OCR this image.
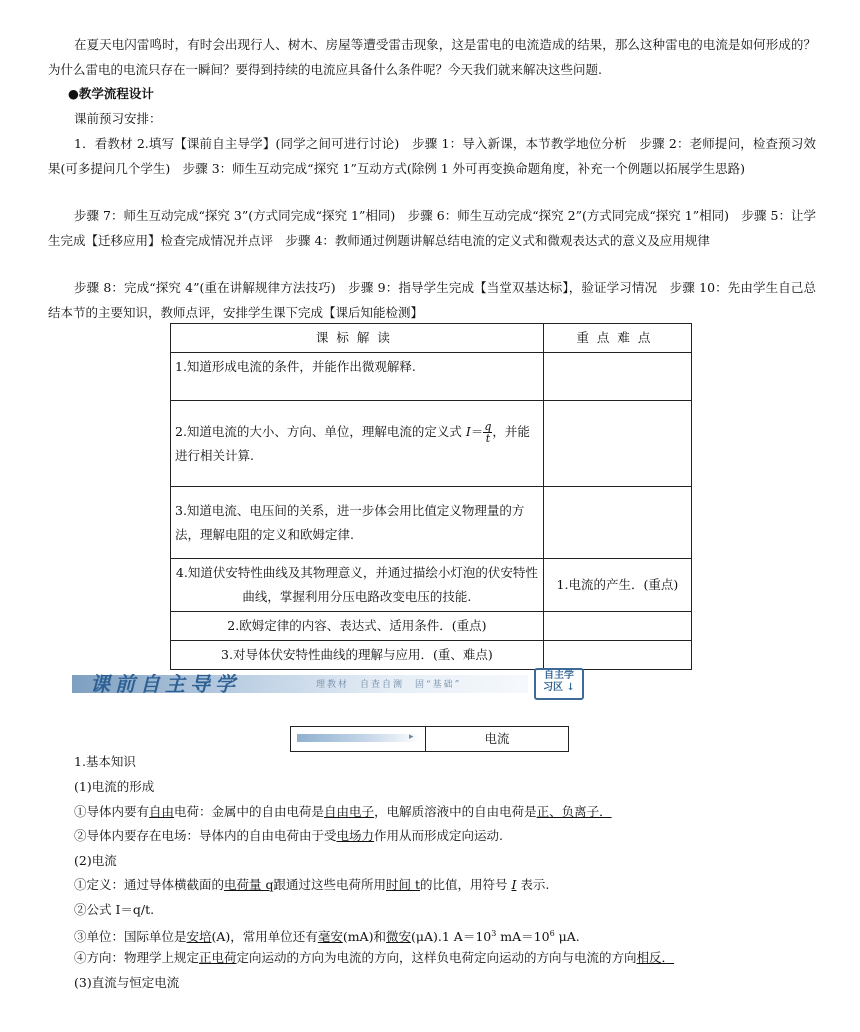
在夏天电闪雷鸣时，有时会出现行人、树木、房屋等遭受雷击现象，这是雷电的电流造成的结果，那么这种雷电的电流是如何形成的？为什么雷电的电流只存在一瞬间？要得到持续的电流应具备什么条件呢？今天我们就来解决这些问题.

●教学流程设计
课前预习安排：

1．看教材 2.填写【课前自主导学】(同学之间可进行讨论)　步骤 1：导入新课，本节教学地位分析　步骤 2：老师提问，检查预习效果(可多提问几个学生)　步骤 3：师生互动完成“探究 1”互动方式(除例 1 外可再变换命题角度，补充一个例题以拓展学生思路)

步骤 7：师生互动完成“探究 3”(方式同完成“探究 1”相同)　步骤 6：师生互动完成“探究 2”(方式同完成“探究 1”相同)　步骤 5：让学生完成【迁移应用】检查完成情况并点评　步骤 4：教师通过例题讲解总结电流的定义式和微观表达式的意义及应用规律

步骤 8：完成“探究 4”(重在讲解规律方法技巧)　步骤 9：指导学生完成【当堂双基达标】，验证学习情况　步骤 10：先由学生自己总结本节的主要知识，教师点评，安排学生课下完成【课后知能检测】

课标解读	重点难点
1.知道形成电流的条件，并能作出微观解释.	
2.知道电流的大小、方向、单位，理解电流的定义式 $I= \frac{q}{t}$ ，并能进行相关计算.	
3.知道电流、电压间的关系，进一步体会用比值定义物理量的方法，理解电阻的定义和欧姆定律.	
4.知道伏安特性曲线及其物理意义，并通过描绘小灯泡的伏安特性曲线，掌握利用分压电路改变电压的技能.	1.电流的产生．(重点)
2.欧姆定律的内容、表达式、适用条件．(重点)	
3.对导体伏安特性曲线的理解与应用．(重、难点)	
课前自主导学	理教材　自查自测　固“基础”
自主学
习区 ↓
▸	电流
1.基本知识
(1)电流的形成
①导体内要有自由电荷：金属中的自由电荷是自由电子，电解质溶液中的自由电荷是正、负离子．
②导体内要存在电场：导体内的自由电荷由于受电场力作用从而形成定向运动.
(2)电流
①定义：通过导体横截面的电荷量 q跟通过这些电荷所用时间 t的比值，用符号 I 表示.
②公式 I＝q/t.
③单位：国际单位是安培(A)，常用单位还有毫安(mA)和微安(μA).1 $A=10^3$ $mA=10^6$ μA.
④方向：物理学上规定正电荷定向运动的方向为电流的方向，这样负电荷定向运动的方向与电流的方向相反．
(3)直流与恒定电流
